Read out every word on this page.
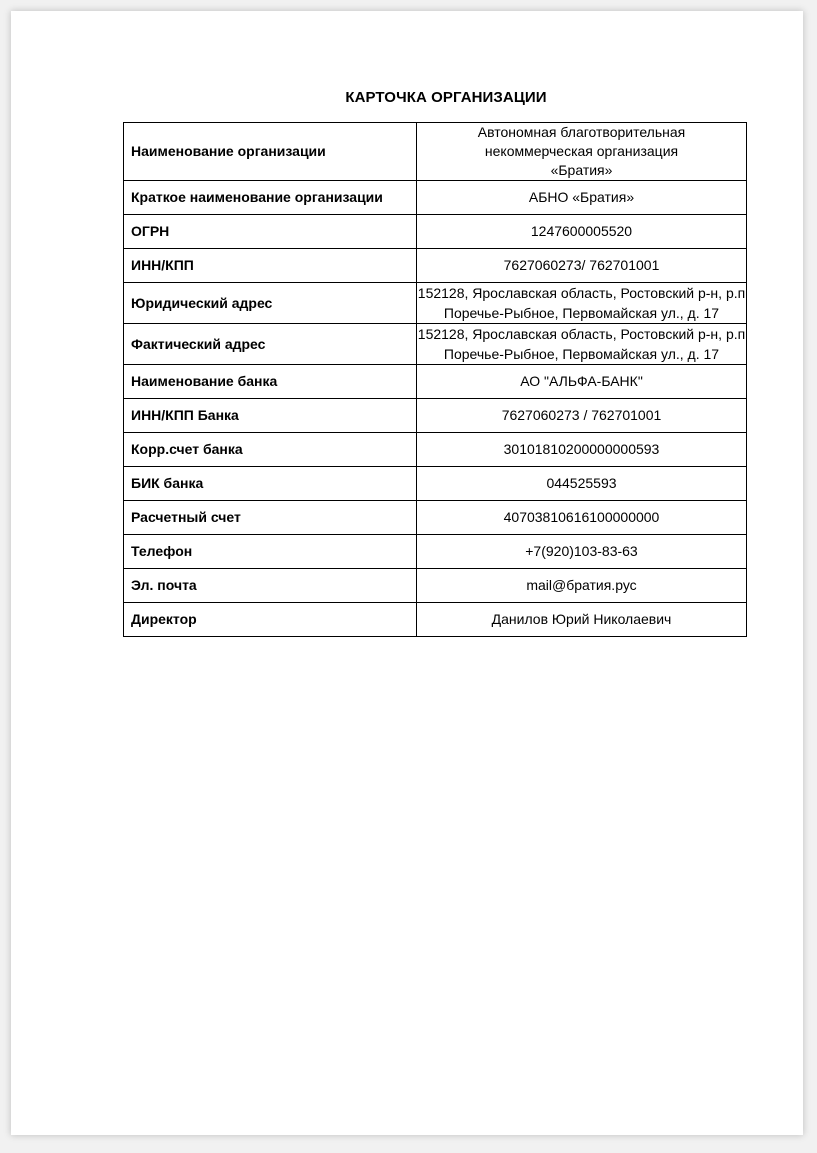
КАРТОЧКА ОРГАНИЗАЦИИ
Наименование организации	Автономная благотворительная некоммерческая организация «Братия»
Краткое наименование организации	АБНО «Братия»
ОГРН	1247600005520
ИНН/КПП	7627060273/ 762701001
Юридический адрес	152128, Ярославская область, Ростовский р-н, р.п Поречье-Рыбное, Первомайская ул., д. 17
Фактический адрес	152128, Ярославская область, Ростовский р-н, р.п Поречье-Рыбное, Первомайская ул., д. 17
Наименование банка	АО "АЛЬФА-БАНК"
ИНН/КПП Банка	7627060273 / 762701001
Корр.счет банка	30101810200000000593
БИК банка	044525593
Расчетный счет	40703810616100000000
Телефон	+7(920)103-83-63
Эл. почта	mail@братия.рус
Директор	Данилов Юрий Николаевич
